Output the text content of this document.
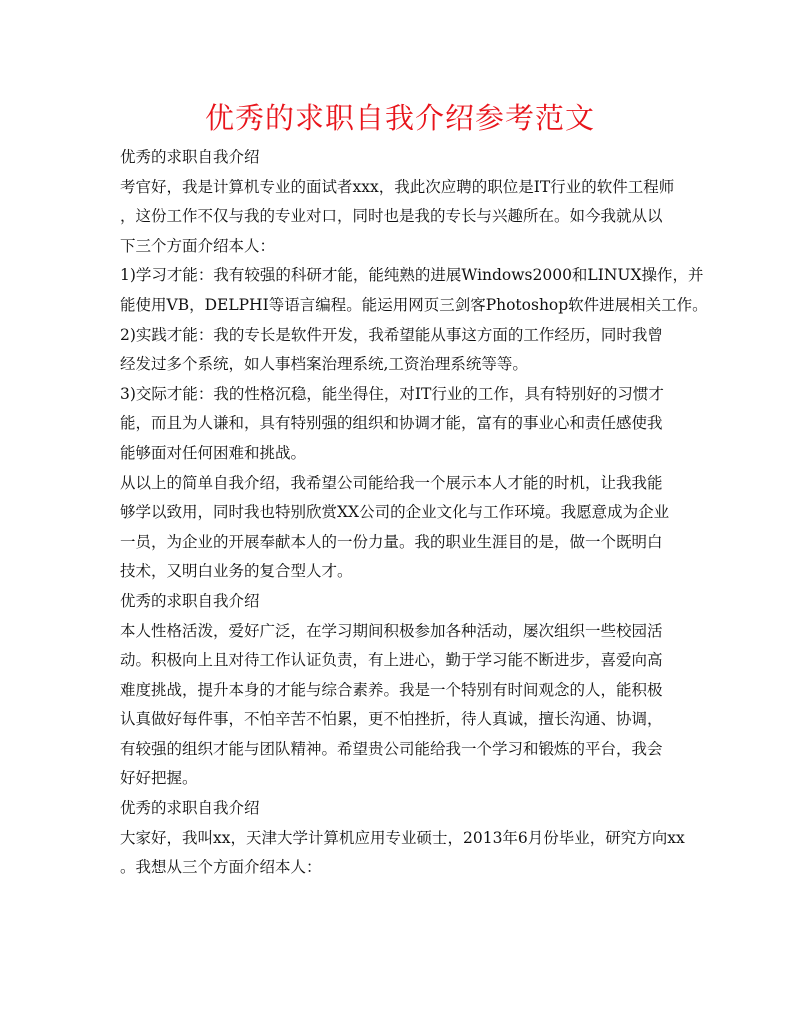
优秀的求职自我介绍参考范文
优秀的求职自我介绍
考官好，我是计算机专业的面试者xxx，我此次应聘的职位是IT行业的软件工程师
，这份工作不仅与我的专业对口，同时也是我的专长与兴趣所在。如今我就从以
下三个方面介绍本人：
1)学习才能：我有较强的科研才能，能纯熟的进展Windows2000和LINUX操作，并
能使用VB，DELPHI等语言编程。能运用网页三剑客Photoshop软件进展相关工作。
2)实践才能：我的专长是软件开发，我希望能从事这方面的工作经历，同时我曾
经发过多个系统，如人事档案治理系统,工资治理系统等等。
3)交际才能：我的性格沉稳，能坐得住，对IT行业的工作，具有特别好的习惯才
能，而且为人谦和，具有特别强的组织和协调才能，富有的事业心和责任感使我
能够面对任何困难和挑战。
从以上的简单自我介绍，我希望公司能给我一个展示本人才能的时机，让我我能
够学以致用，同时我也特别欣赏XX公司的企业文化与工作环境。我愿意成为企业
一员，为企业的开展奉献本人的一份力量。我的职业生涯目的是，做一个既明白
技术，又明白业务的复合型人才。
优秀的求职自我介绍
本人性格活泼，爱好广泛，在学习期间积极参加各种活动，屡次组织一些校园活
动。积极向上且对待工作认证负责，有上进心，勤于学习能不断进步，喜爱向高
难度挑战，提升本身的才能与综合素养。我是一个特别有时间观念的人，能积极
认真做好每件事，不怕辛苦不怕累，更不怕挫折，待人真诚，擅长沟通、协调，
有较强的组织才能与团队精神。希望贵公司能给我一个学习和锻炼的平台，我会
好好把握。
优秀的求职自我介绍
大家好，我叫xx，天津大学计算机应用专业硕士，2013年6月份毕业，研究方向xx
。我想从三个方面介绍本人：
